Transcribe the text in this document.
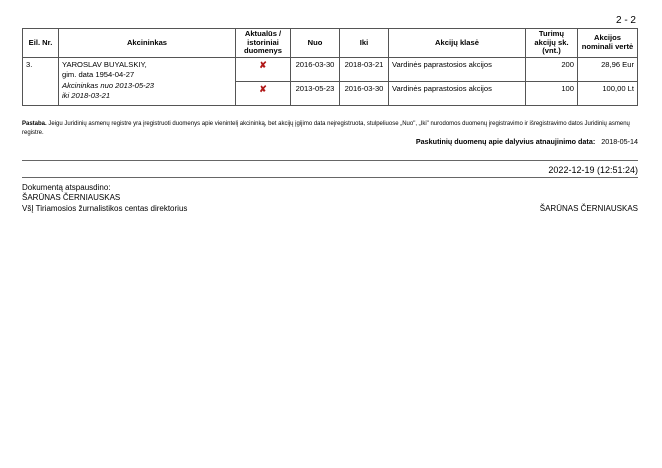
2 - 2
Eil. Nr.	Akcininkas	Aktualūs / istoriniai duomenys	Nuo	Iki	Akcijų klasė	Turimų akcijų sk. (vnt.)	Akcijos nominali vertė
3.	YAROSLAV BUYALSKIY,
gim. data 1954-04-27
Akcininkas nuo 2013-05-23
iki 2018-03-21	✘	2016-03-30	2018-03-21	Vardinės paprastosios akcijos	200	28,96 Eur
		✘	2013-05-23	2016-03-30	Vardinės paprastosios akcijos	100	100,00 Lt
Pastaba. Jeigu Juridinių asmenų registre yra įregistruoti duomenys apie vienintelį akcininką, bet akcijų įgijimo data neįregistruota, stulpeliuose „Nuo", „Iki" nurodomos duomenų įregistravimo ir išregistravimo datos Juridinių asmenų registre.
Paskutinių duomenų apie dalyvius atnaujinimo data: 2018-05-14
2022-12-19 (12:51:24)
Dokumentą atspausdino:
ŠARŪNAS ČERNIAUSKAS
VšĮ Tiriamosios žurnalistikos centas direktorius	ŠARŪNAS ČERNIAUSKAS
